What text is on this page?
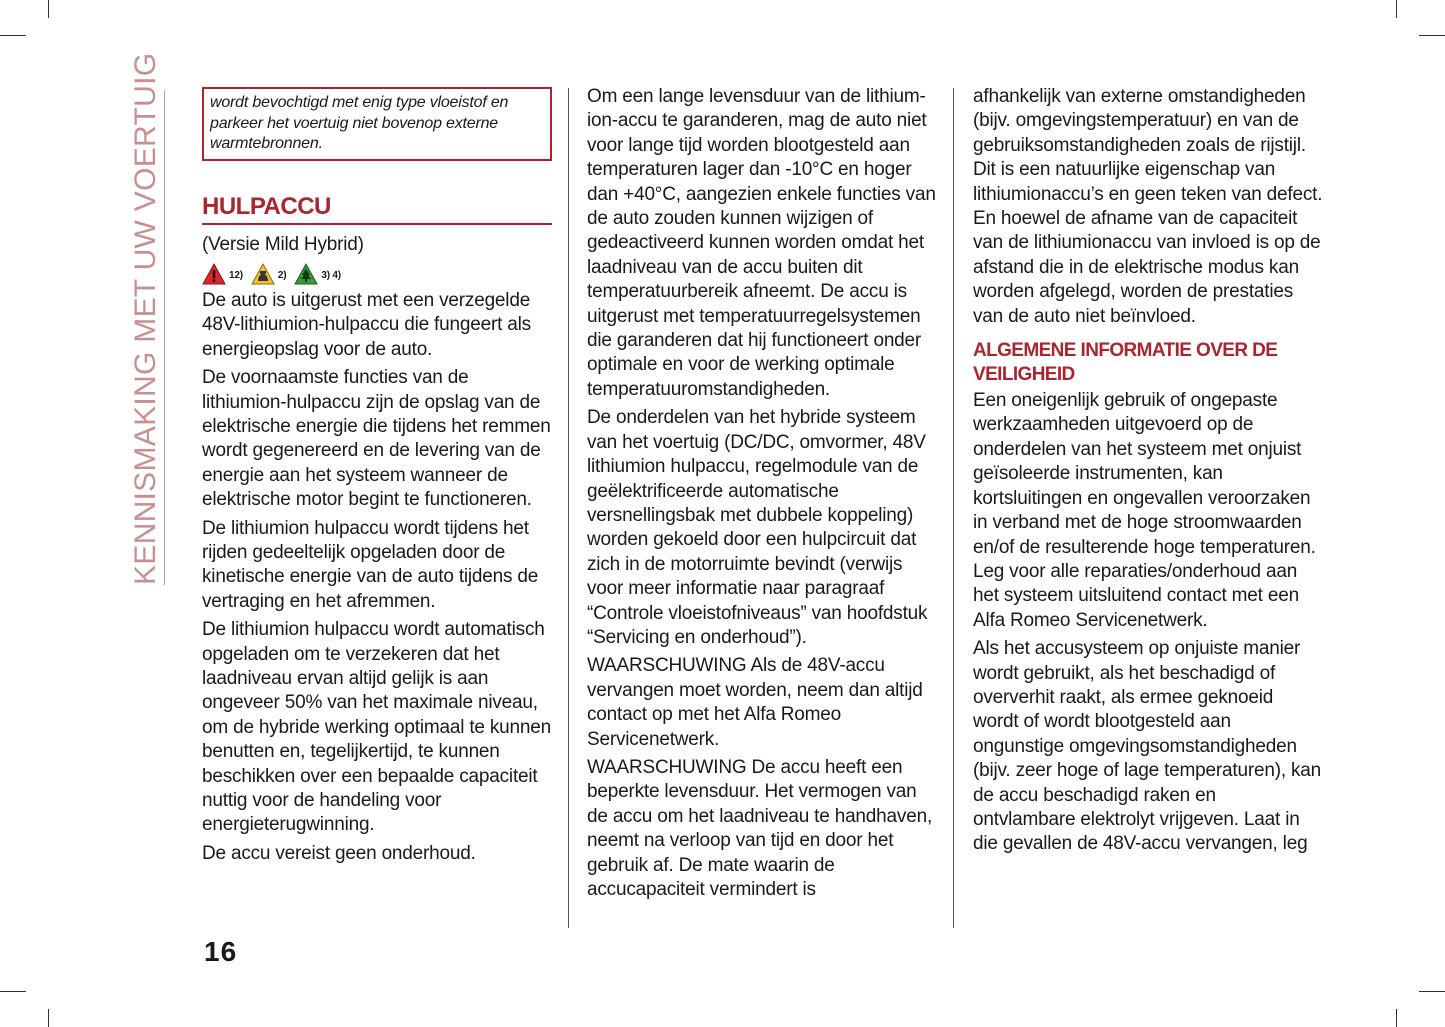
KENNISMAKING MET UW VOERTUIG	wordt bevochtigd met enig type vloeistof en parkeer het voertuig niet bovenop externe warmtebronnen.
HULPACCU

(Versie Mild Hybrid)

12)	2)	3) 4)

De auto is uitgerust met een verzegelde 48V-lithiumion-hulpaccu die fungeert als energieopslag voor de auto.

De voornaamste functies van de lithiumion-hulpaccu zijn de opslag van de elektrische energie die tijdens het remmen wordt gegenereerd en de levering van de energie aan het systeem wanneer de elektrische motor begint te functioneren.

De lithiumion hulpaccu wordt tijdens het rijden gedeeltelijk opgeladen door de kinetische energie van de auto tijdens de vertraging en het afremmen.

De lithiumion hulpaccu wordt automatisch opgeladen om te verzekeren dat het laadniveau ervan altijd gelijk is aan ongeveer 50% van het maximale niveau, om de hybride werking optimaal te kunnen benutten en, tegelijkertijd, te kunnen beschikken over een bepaalde capaciteit nuttig voor de handeling voor energieterugwinning.

De accu vereist geen onderhoud.

Om een lange levensduur van de lithium-ion-accu te garanderen, mag de auto niet voor lange tijd worden blootgesteld aan temperaturen lager dan -10°C en hoger dan +40°C, aangezien enkele functies van de auto zouden kunnen wijzigen of gedeactiveerd kunnen worden omdat het laadniveau van de accu buiten dit temperatuurbereik afneemt. De accu is uitgerust met temperatuurregelsystemen die garanderen dat hij functioneert onder optimale en voor de werking optimale temperatuuromstandigheden.

De onderdelen van het hybride systeem van het voertuig (DC/DC, omvormer, 48V lithiumion hulpaccu, regelmodule van de geëlektrificeerde automatische versnellingsbak met dubbele koppeling) worden gekoeld door een hulpcircuit dat zich in de motorruimte bevindt (verwijs voor meer informatie naar paragraaf “Controle vloeistofniveaus” van hoofdstuk “Servicing en onderhoud”).

WAARSCHUWING Als de 48V-accu vervangen moet worden, neem dan altijd contact op met het Alfa Romeo Servicenetwerk.

WAARSCHUWING De accu heeft een beperkte levensduur. Het vermogen van de accu om het laadniveau te handhaven, neemt na verloop van tijd en door het gebruik af. De mate waarin de accucapaciteit vermindert is

afhankelijk van externe omstandigheden (bijv. omgevingstemperatuur) en van de gebruiksomstandigheden zoals de rijstijl. Dit is een natuurlijke eigenschap van lithiumionaccu’s en geen teken van defect. En hoewel de afname van de capaciteit van de lithiumionaccu van invloed is op de afstand die in de elektrische modus kan worden afgelegd, worden de prestaties van de auto niet beïnvloed.

ALGEMENE INFORMATIE OVER DE VEILIGHEID

Een oneigenlijk gebruik of ongepaste werkzaamheden uitgevoerd op de onderdelen van het systeem met onjuist geïsoleerde instrumenten, kan kortsluitingen en ongevallen veroorzaken in verband met de hoge stroomwaarden en/of de resulterende hoge temperaturen. Leg voor alle reparaties/onderhoud aan het systeem uitsluitend contact met een Alfa Romeo Servicenetwerk.

Als het accusysteem op onjuiste manier wordt gebruikt, als het beschadigd of oververhit raakt, als ermee geknoeid wordt of wordt blootgesteld aan ongunstige omgevingsomstandigheden (bijv. zeer hoge of lage temperaturen), kan de accu beschadigd raken en ontvlambare elektrolyt vrijgeven. Laat in die gevallen de 48V-accu vervangen, leg

16
